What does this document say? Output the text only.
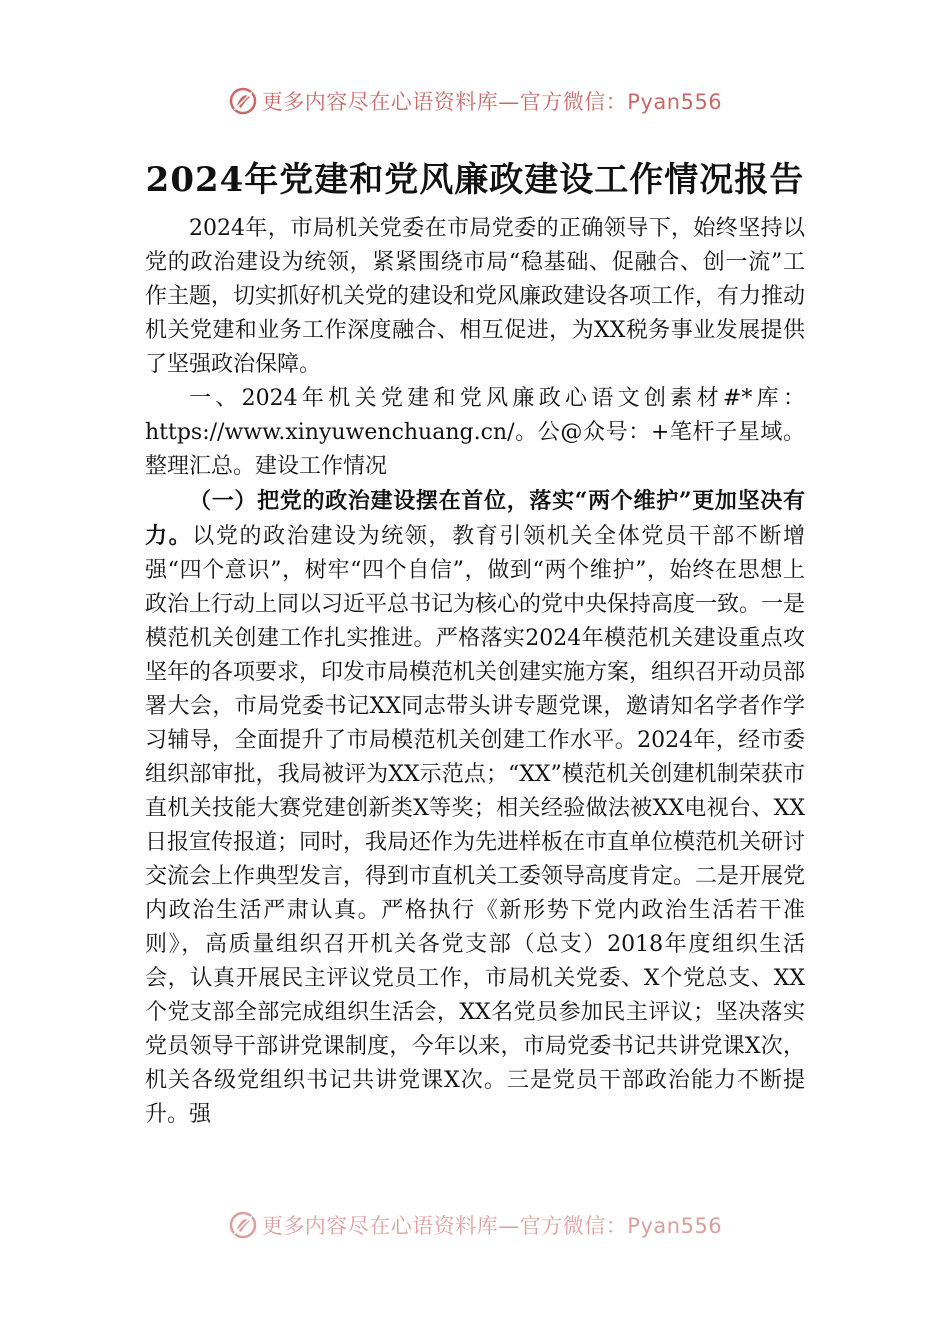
更多内容尽在心语资料库—官方微信：Pyan556
2024年党建和党风廉政建设工作情况报告

2024年，市局机关党委在市局党委的正确领导下，始终坚持以党的政治建设为统领，紧紧围绕市局“稳基础、促融合、创一流”工作主题，切实抓好机关党的建设和党风廉政建设各项工作，有力推动机关党建和业务工作深度融合、相互促进，为XX税务事业发展提供了坚强政治保障。

一、2024年机关党建和党风廉政心语文创素材#*库：https://www.xinyuwenchuang.cn/。公@众号：+笔杆子星域。整理汇总。建设工作情况

（一）把党的政治建设摆在首位，落实“两个维护”更加坚决有力。以党的政治建设为统领，教育引领机关全体党员干部不断增强“四个意识”，树牢“四个自信”，做到“两个维护”，始终在思想上政治上行动上同以习近平总书记为核心的党中央保持高度一致。一是模范机关创建工作扎实推进。严格落实2024年模范机关建设重点攻坚年的各项要求，印发市局模范机关创建实施方案，组织召开动员部署大会，市局党委书记XX同志带头讲专题党课，邀请知名学者作学习辅导，全面提升了市局模范机关创建工作水平。2024年，经市委组织部审批，我局被评为XX示范点；“XX”模范机关创建机制荣获市直机关技能大赛党建创新类X等奖；相关经验做法被XX电视台、XX日报宣传报道；同时，我局还作为先进样板在市直单位模范机关研讨交流会上作典型发言，得到市直机关工委领导高度肯定。二是开展党内政治生活严肃认真。严格执行《新形势下党内政治生活若干准则》，高质量组织召开机关各党支部（总支）2018年度组织生活会，认真开展民主评议党员工作，市局机关党委、X个党总支、XX个党支部全部完成组织生活会，XX名党员参加民主评议；坚决落实党员领导干部讲党课制度，今年以来，市局党委书记共讲党课X次，机关各级党组织书记共讲党课X次。三是党员干部政治能力不断提升。强

更多内容尽在心语资料库—官方微信：Pyan556
